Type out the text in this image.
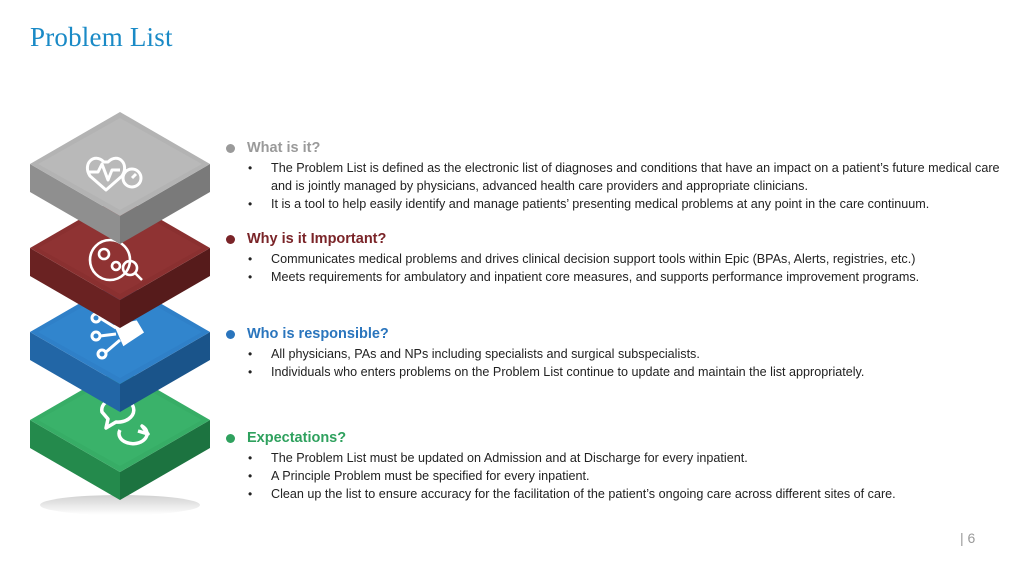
Problem List
What is it?
• The Problem List is defined as the electronic list of diagnoses and conditions that have an impact on a patient’s future medical care and is jointly managed by physicians, advanced health care providers and appropriate clinicians.
• It is a tool to help easily identify and manage patients’ presenting medical problems at any point in the care continuum.
Why is it Important?
• Communicates medical problems and drives clinical decision support tools within Epic (BPAs, Alerts, registries, etc.)
• Meets requirements for ambulatory and inpatient core measures, and supports performance improvement programs.
Who is responsible?
• All physicians, PAs and NPs including specialists and surgical subspecialists.
• Individuals who enters problems on the Problem List continue to update and maintain the list appropriately.
Expectations?
• The Problem List must be updated on Admission and at Discharge for every inpatient.
• A Principle Problem must be specified for every inpatient.
• Clean up the list to ensure accuracy for the facilitation of the patient’s ongoing care across different sites of care.
| 6
